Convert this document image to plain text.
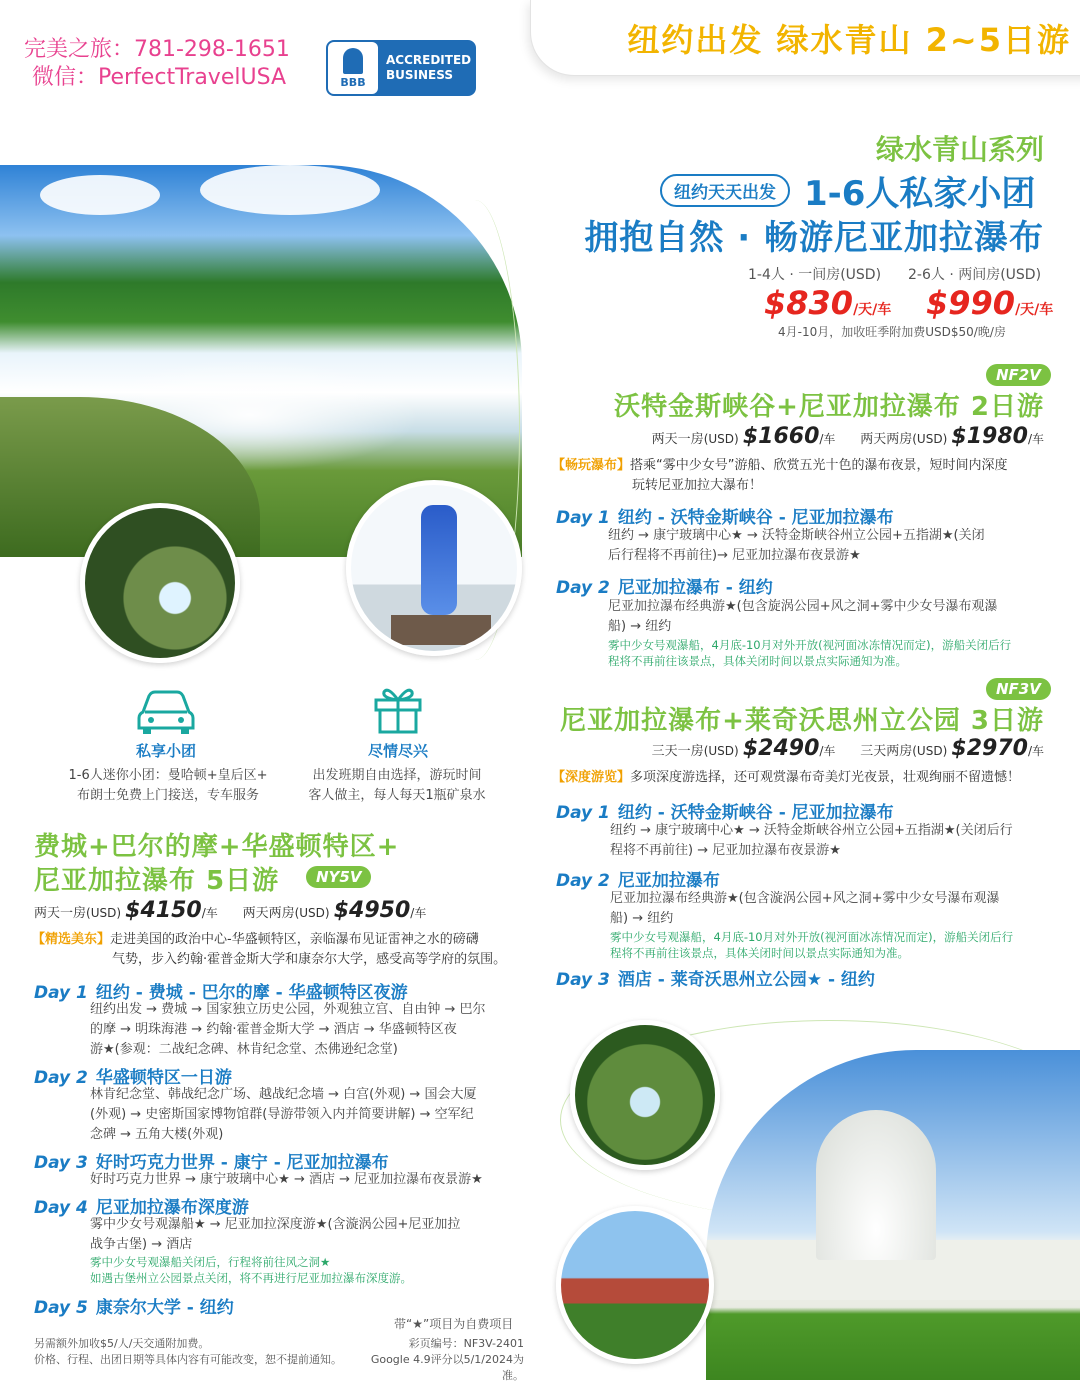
完美之旅：781-298-1651
微信：PerfectTravelUSA	BBB
ACCREDITED
BUSINESS
纽约出发 绿水青山 2~5日游
绿水青山系列
纽约天天出发 1-6人私家小团
拥抱自然 · 畅游尼亚加拉瀑布
1-4人 · 一间房(USD) 2-6人 · 两间房(USD)
$830/天/车 $990/天/车
4月-10月，加收旺季附加费USD$50/晚/房
私享小团	尽情尽兴
1-6人迷你小团：曼哈顿+皇后区+
布朗士免费上门接送，专车服务
出发班期自由选择，游玩时间
客人做主，每人每天1瓶矿泉水
NF2V
沃特金斯峡谷+尼亚加拉瀑布 2日游
两天一房(USD) $1660/车 两天两房(USD) $1980/车
【畅玩瀑布】搭乘“雾中少女号”游船、欣赏五光十色的瀑布夜景，短时间内深度
玩转尼亚加拉大瀑布！
Day 1 纽约 - 沃特金斯峡谷 - 尼亚加拉瀑布
纽约 → 康宁玻璃中心★ → 沃特金斯峡谷州立公园+五指湖★(关闭
后行程将不再前往)→ 尼亚加拉瀑布夜景游★
Day 2 尼亚加拉瀑布 - 纽约
尼亚加拉瀑布经典游★(包含旋涡公园+风之洞+雾中少女号瀑布观瀑
船) → 纽约
雾中少女号观瀑船，4月底-10月对外开放(视河面冰冻情况而定)，游船关闭后行
程将不再前往该景点，具体关闭时间以景点实际通知为准。
NF3V
尼亚加拉瀑布+莱奇沃思州立公园 3日游
三天一房(USD) $2490/车 三天两房(USD) $2970/车
【深度游览】多项深度游选择，还可观赏瀑布奇美灯光夜景，壮观绚丽不留遗憾！
Day 1 纽约 - 沃特金斯峡谷 - 尼亚加拉瀑布
纽约 → 康宁玻璃中心★ → 沃特金斯峡谷州立公园+五指湖★(关闭后行
程将不再前往) → 尼亚加拉瀑布夜景游★
Day 2 尼亚加拉瀑布
尼亚加拉瀑布经典游★(包含漩涡公园+风之洞+雾中少女号瀑布观瀑
船) → 纽约
雾中少女号观瀑船，4月底-10月对外开放(视河面冰冻情况而定)，游船关闭后行
程将不再前往该景点，具体关闭时间以景点实际通知为准。
Day 3 酒店 - 莱奇沃思州立公园★ - 纽约
费城+巴尔的摩+华盛顿特区+
尼亚加拉瀑布 5日游	NY5V
两天一房(USD) $4150/车 两天两房(USD) $4950/车
【精选美东】走进美国的政治中心-华盛顿特区，亲临瀑布见证雷神之水的磅礴
气势，步入约翰·霍普金斯大学和康奈尔大学，感受高等学府的氛围。
Day 1 纽约 - 费城 - 巴尔的摩 - 华盛顿特区夜游
纽约出发 → 费城 → 国家独立历史公园，外观独立宫、自由钟 → 巴尔
的摩 → 明珠海港 → 约翰·霍普金斯大学 → 酒店 → 华盛顿特区夜
游★(参观：二战纪念碑、林肯纪念堂、杰佛逊纪念堂)
Day 2 华盛顿特区一日游
林肯纪念堂、韩战纪念广场、越战纪念墙 → 白宫(外观) → 国会大厦
(外观) → 史密斯国家博物馆群(导游带领入内并简要讲解) → 空军纪
念碑 → 五角大楼(外观)
Day 3 好时巧克力世界 - 康宁 - 尼亚加拉瀑布
好时巧克力世界 → 康宁玻璃中心★ → 酒店 → 尼亚加拉瀑布夜景游★
Day 4 尼亚加拉瀑布深度游
雾中少女号观瀑船★ → 尼亚加拉深度游★(含漩涡公园+尼亚加拉
战争古堡) → 酒店
雾中少女号观瀑船关闭后，行程将前往风之洞★
如遇古堡州立公园景点关闭，将不再进行尼亚加拉瀑布深度游。
Day 5 康奈尔大学 - 纽约
带“★”项目为自费项目
另需额外加收$5/人/天交通附加费。
价格、行程、出团日期等具体内容有可能改变，恕不提前通知。
彩页编号：NF3V-2401
Google 4.9评分以5/1/2024为准。
